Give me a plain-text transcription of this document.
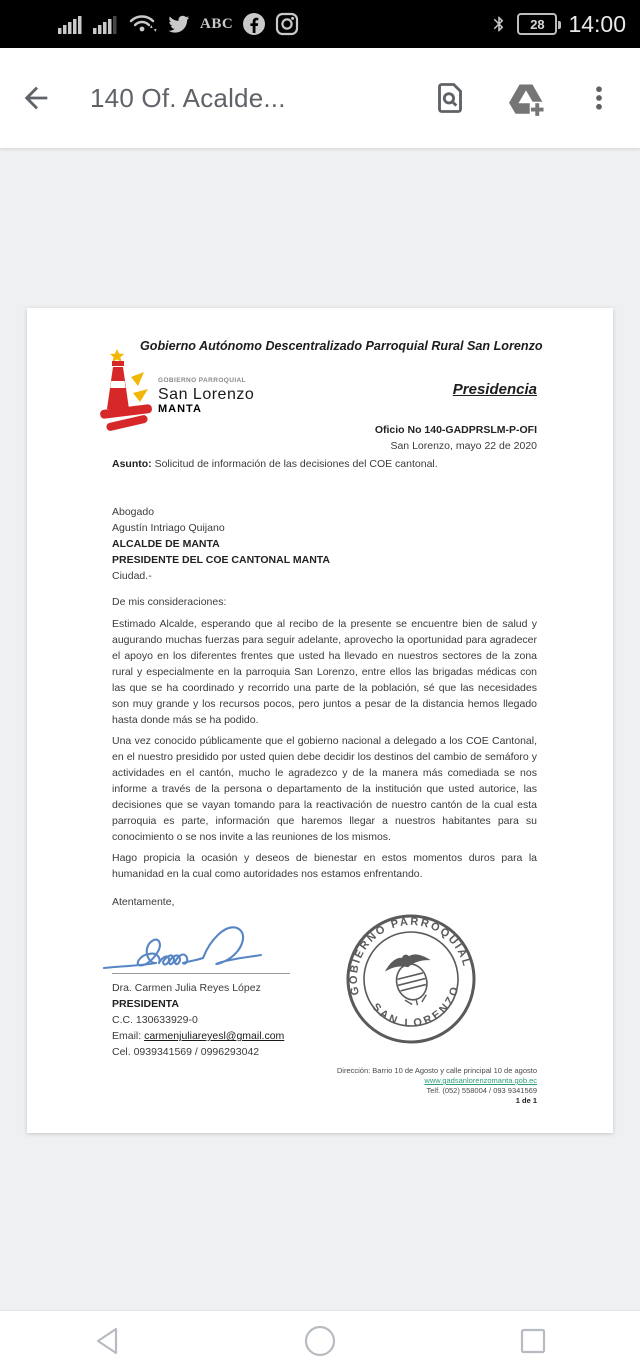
ABC	28 14:00
140 Of. Acalde...
Gobierno Autónomo Descentralizado Parroquial Rural San Lorenzo
GOBIERNO PARROQUIAL
San Lorenzo
MANTA
Presidencia
Oficio No 140-GADPRSLM-P-OFI
San Lorenzo, mayo 22 de 2020
Asunto: Solicitud de información de las decisiones del COE cantonal.
Abogado
Agustín Intriago Quijano
ALCALDE DE MANTA
PRESIDENTE DEL COE CANTONAL MANTA
Ciudad.-
De mis consideraciones:

Estimado Alcalde, esperando que al recibo de la presente se encuentre bien de salud y augurando muchas fuerzas para seguir adelante, aprovecho la oportunidad para agradecer el apoyo en los diferentes frentes que usted ha llevado en nuestros sectores de la zona rural y especialmente en la parroquia San Lorenzo, entre ellos las brigadas médicas con las que se ha coordinado y recorrido una parte de la población, sé que las necesidades son muy grande y los recursos pocos, pero juntos a pesar de la distancia hemos llegado hasta donde más se ha podido.

Una vez conocido públicamente que el gobierno nacional a delegado a los COE Cantonal, en el nuestro presidido por usted quien debe decidir los destinos del cambio de semáforo y actividades en el cantón, mucho le agradezco y de la manera más comediada se nos informe a través de la persona o departamento de la institución que usted autorice, las decisiones que se vayan tomando para la reactivación de nuestro cantón de la cual esta parroquia es parte, información que haremos llegar a nuestros habitantes para su conocimiento o se nos invite a las reuniones de los mismos.

Hago propicia la ocasión y deseos de bienestar en estos momentos duros para la humanidad en la cual como autoridades nos estamos enfrentando.

Atentamente,
Dra. Carmen Julia Reyes López
PRESIDENTA
C.C. 130633929-0
Email: carmenjuliareyesl@gmail.com
Cel. 0939341569 / 0996293042
GOBIERNO PARROQUIAL
SAN LORENZO
Dirección: Barrio 10 de Agosto y calle principal 10 de agosto
www.gadsanlorenzomanta.gob.ec
Telf. (052) 558004 / 093 9341569
1 de 1
